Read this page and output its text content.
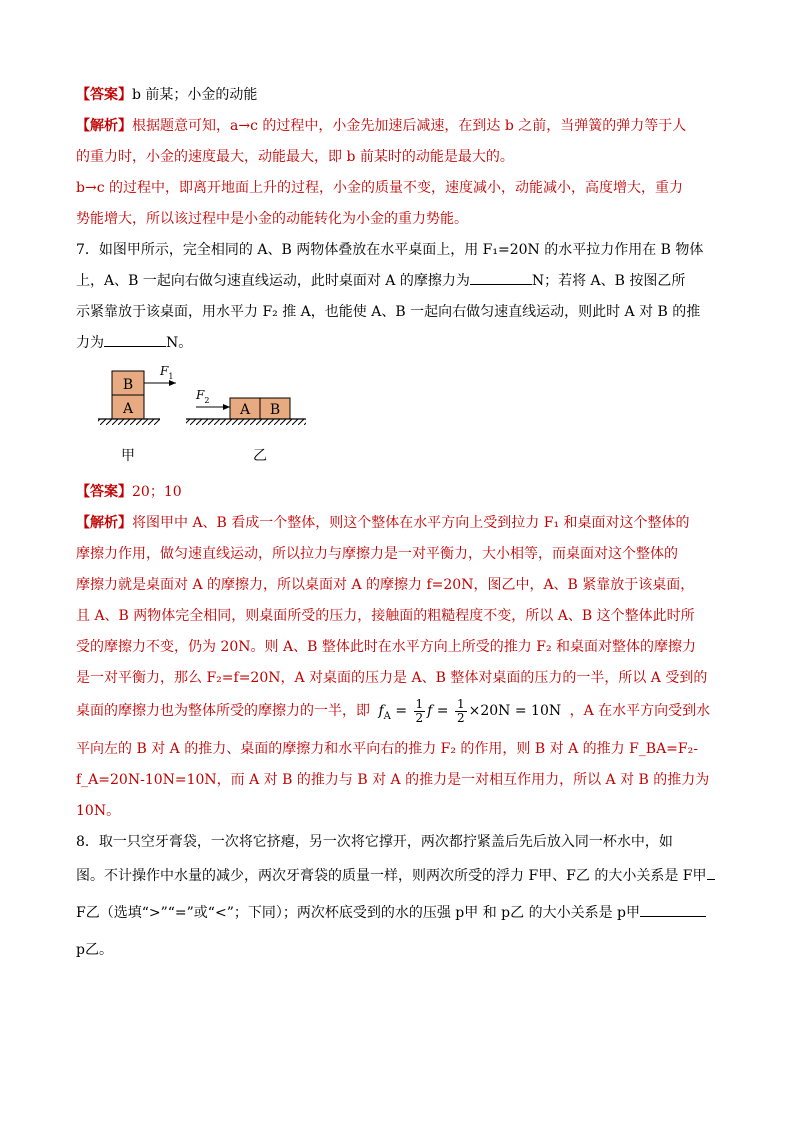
【答案】b 前某；小金的动能
【解析】根据题意可知，a→c 的过程中，小金先加速后减速，在到达 b 之前，当弹簧的弹力等于人
的重力时，小金的速度最大，动能最大，即 b 前某时的动能是最大的。
b→c 的过程中，即离开地面上升的过程，小金的质量不变，速度减小，动能减小，高度增大，重力
势能增大，所以该过程中是小金的动能转化为小金的重力势能。
7．如图甲所示，完全相同的 A、B 两物体叠放在水平桌面上，用 F₁=20N 的水平拉力作用在 B 物体
上，A、B 一起向右做匀速直线运动，此时桌面对 A 的摩擦力为	N；若将 A、B 按图乙所
示紧靠放于该桌面，用水平力 F₂ 推 A，也能使 A、B 一起向右做匀速直线运动，则此时 A 对 B 的推
力为	N。
B
A
$F_1$
甲
A B
$F_2$
乙
【答案】20；10
【解析】将图甲中 A、B 看成一个整体，则这个整体在水平方向上受到拉力 F₁ 和桌面对这个整体的
摩擦力作用，做匀速直线运动，所以拉力与摩擦力是一对平衡力，大小相等，而桌面对这个整体的
摩擦力就是桌面对 A 的摩擦力，所以桌面对 A 的摩擦力 f=20N，图乙中，A、B 紧靠放于该桌面，
且 A、B 两物体完全相同，则桌面所受的压力，接触面的粗糙程度不变，所以 A、B 这个整体此时所
受的摩擦力不变，仍为 20N。则 A、B 整体此时在水平方向上所受的推力 F₂ 和桌面对整体的摩擦力
是一对平衡力，那么 F₂=f=20N，A 对桌面的压力是 A、B 整体对桌面的压力的一半，所以 A 受到的
桌面的摩擦力也为整体所受的摩擦力的一半，即 $f_A = \frac{1}{2}$ $f = \frac{1}{2} \times 20N = 10N$ ，A 在水平方向受到水
平向左的 B 对 A 的推力、桌面的摩擦力和水平向右的推力 F₂ 的作用，则 B 对 A 的推力 F_BA=F₂-
f_A=20N-10N=10N，而 A 对 B 的推力与 B 对 A 的推力是一对相互作用力，所以 A 对 B 的推力为
10N。
8．取一只空牙膏袋，一次将它挤瘪，另一次将它撑开，两次都拧紧盖后先后放入同一杯水中，如
图。不计操作中水量的减少，两次牙膏袋的质量一样，则两次所受的浮力 F甲、F乙 的大小关系是 F甲
F乙（选填“>”“=”或“<”；下同）；两次杯底受到的水的压强 p甲 和 p乙 的大小关系是 p甲
p乙。
